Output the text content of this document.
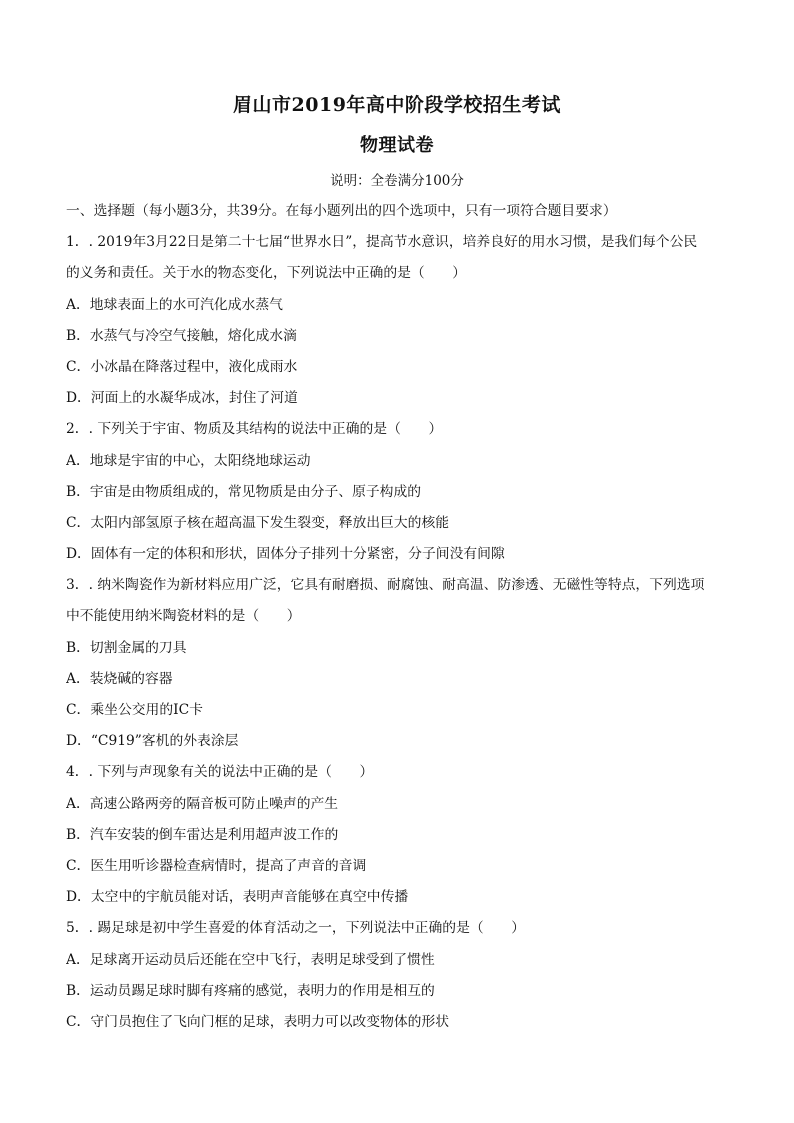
眉山市2019年高中阶段学校招生考试
物理试卷
说明：全卷满分100分
一、选择题（每小题3分，共39分。在每小题列出的四个选项中，只有一项符合题目要求）
1．. 2019年3月22日是第二十七届“世界水日”，提高节水意识，培养良好的用水习惯，是我们每个公民
的义务和责任。关于水的物态变化，下列说法中正确的是（　　）
A．地球表面上的水可汽化成水蒸气
B．水蒸气与冷空气接触，熔化成水滴
C．小冰晶在降落过程中，液化成雨水
D．河面上的水凝华成冰，封住了河道
2．. 下列关于宇宙、物质及其结构的说法中正确的是（　　）
A．地球是宇宙的中心，太阳绕地球运动
B．宇宙是由物质组成的，常见物质是由分子、原子构成的
C．太阳内部氢原子核在超高温下发生裂变，释放出巨大的核能
D．固体有一定的体积和形状，固体分子排列十分紧密，分子间没有间隙
3．. 纳米陶瓷作为新材料应用广泛，它具有耐磨损、耐腐蚀、耐高温、防渗透、无磁性等特点，下列选项
中不能使用纳米陶瓷材料的是（　　）
B．切割金属的刀具
A．装烧碱的容器
C．乘坐公交用的IC卡
D．“C919”客机的外表涂层
4．. 下列与声现象有关的说法中正确的是（　　）
A．高速公路两旁的隔音板可防止噪声的产生
B．汽车安装的倒车雷达是利用超声波工作的
C．医生用听诊器检查病情时，提高了声音的音调
D．太空中的宇航员能对话，表明声音能够在真空中传播
5．. 踢足球是初中学生喜爱的体育活动之一，下列说法中正确的是（　　）
A．足球离开运动员后还能在空中飞行，表明足球受到了惯性
B．运动员踢足球时脚有疼痛的感觉，表明力的作用是相互的
C．守门员抱住了飞向门框的足球，表明力可以改变物体的形状
